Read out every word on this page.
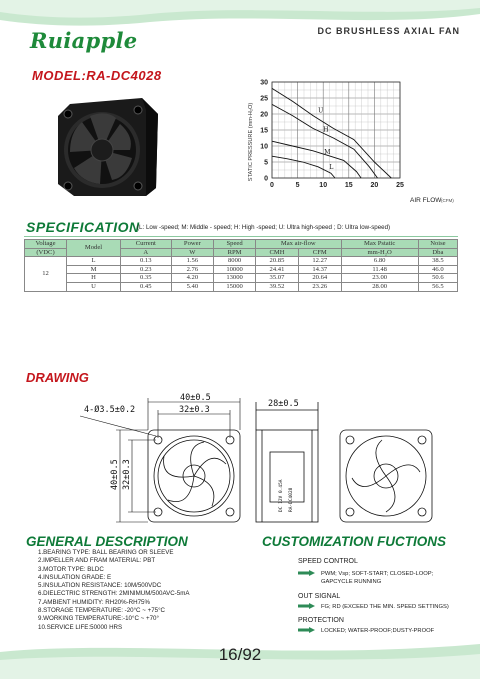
Ruiapple	DC BRUSHLESS AXIAL FAN
MODEL:RA-DC4028	30
25
20
15
10
5
0
0	5	10	15	20	25
U
H
M
L
STATIC PRESSURE (mm-H₂O)
AIR FLOW (CFM)
SPECIFICATION
(L: Low -speed; M: Middle - speed; H: High -speed; U: Ultra high-speed ; D: Ultra low-speed)
Voltage	Model	Current	Power	Speed	Max air-flow		Max Pstatic	Noise
(VDC)		A	W	RPM	CMH	CFM	mm-H₂O	Dba
12	L	0.13	1.56	8000	20.85	12.27	6.80	38.5
	M	0.23	2.76	10000	24.41	14.37	11.48	46.0
	H	0.35	4.20	13000	35.07	20.64	23.00	50.6
	U	0.45	5.40	15000	39.52	23.26	28.00	56.5
DRAWING
40±0.5
32±0.3
4-Ø3.5±0.2
40±0.5 32±0.3
28±0.5
DC 12V 0.45A RA-DC4028
GENERAL DESCRIPTION
1.BEARING TYPE: BALL BEARING OR SLEEVE
2.IMPELLER AND FRAM MATERIAL: PBT
3.MOTOR TYPE: BLDC
4.INSULATION GRADE: E
5.INSULATION RESISTANCE: 10M/500VDC
6.DIELECTRIC STRENGTH: 2MINIMUM/500AVC-5mA
7.AMBIENT HUMIDITY: RH20%-RH75%
8.STORAGE TEMPERATURE: -20°C ~ +75°C
9.WORKING TEMPERATURE:-10°C ~ +70°
10.SERVICE LIFE:50000 HRS
CUSTOMIZATION FUCTIONS
SPEED CONTROL
PWM; Vsp; SOFT-START; CLOSED-LOOP;
GAPCYCLE RUNNING
OUT SIGNAL
FG; RD (EXCEED THE MIN. SPEED SETTINGS)
PROTECTION
LOCKED; WATER-PROOF;DUSTY-PROOF
16/92
